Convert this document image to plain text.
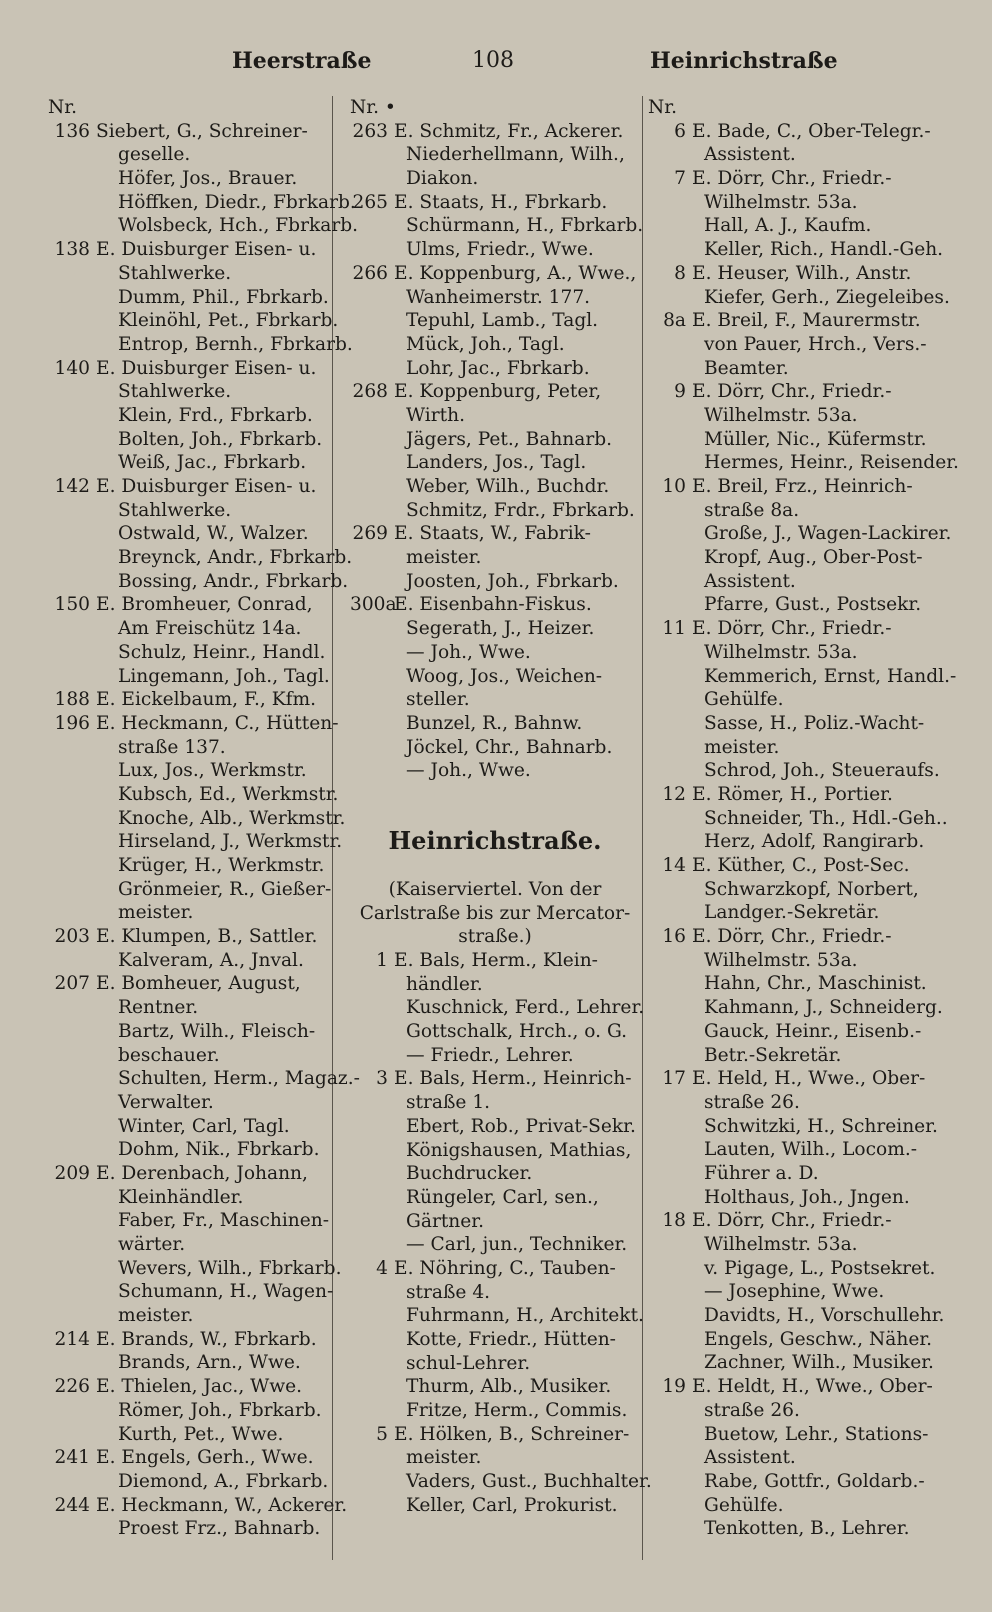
Heerstraße	108	Heinrichstraße
Nr.
136 Siebert, G., Schreiner-
geselle.
Höfer, Jos., Brauer.
Höffken, Diedr., Fbrkarb.
Wolsbeck, Hch., Fbrkarb.
138 E. Duisburger Eisen- u.
Stahlwerke.
Dumm, Phil., Fbrkarb.
Kleinöhl, Pet., Fbrkarb.
Entrop, Bernh., Fbrkarb.
140 E. Duisburger Eisen- u.
Stahlwerke.
Klein, Frd., Fbrkarb.
Bolten, Joh., Fbrkarb.
Weiß, Jac., Fbrkarb.
142 E. Duisburger Eisen- u.
Stahlwerke.
Ostwald, W., Walzer.
Breynck, Andr., Fbrkarb.
Bossing, Andr., Fbrkarb.
150 E. Bromheuer, Conrad,
Am Freischütz 14a.
Schulz, Heinr., Handl.
Lingemann, Joh., Tagl.
188 E. Eickelbaum, F., Kfm.
196 E. Heckmann, C., Hütten-
straße 137.
Lux, Jos., Werkmstr.
Kubsch, Ed., Werkmstr.
Knoche, Alb., Werkmstr.
Hirseland, J., Werkmstr.
Krüger, H., Werkmstr.
Grönmeier, R., Gießer-
meister.
203 E. Klumpen, B., Sattler.
Kalveram, A., Jnval.
207 E. Bomheuer, August,
Rentner.
Bartz, Wilh., Fleisch-
beschauer.
Schulten, Herm., Magaz.-
Verwalter.
Winter, Carl, Tagl.
Dohm, Nik., Fbrkarb.
209 E. Derenbach, Johann,
Kleinhändler.
Faber, Fr., Maschinen-
wärter.
Wevers, Wilh., Fbrkarb.
Schumann, H., Wagen-
meister.
214 E. Brands, W., Fbrkarb.
Brands, Arn., Wwe.
226 E. Thielen, Jac., Wwe.
Römer, Joh., Fbrkarb.
Kurth, Pet., Wwe.
241 E. Engels, Gerh., Wwe.
Diemond, A., Fbrkarb.
244 E. Heckmann, W., Ackerer.
Proest Frz., Bahnarb.
Nr. •
263 E. Schmitz, Fr., Ackerer.
Niederhellmann, Wilh.,
Diakon.
265 E. Staats, H., Fbrkarb.
Schürmann, H., Fbrkarb.
Ulms, Friedr., Wwe.
266 E. Koppenburg, A., Wwe.,
Wanheimerstr. 177.
Tepuhl, Lamb., Tagl.
Mück, Joh., Tagl.
Lohr, Jac., Fbrkarb.
268 E. Koppenburg, Peter,
Wirth.
Jägers, Pet., Bahnarb.
Landers, Jos., Tagl.
Weber, Wilh., Buchdr.
Schmitz, Frdr., Fbrkarb.
269 E. Staats, W., Fabrik-
meister.
Joosten, Joh., Fbrkarb.
300a
E. Eisenbahn-Fiskus.
Segerath, J., Heizer.
— Joh., Wwe.
Woog, Jos., Weichen-
steller.
Bunzel, R., Bahnw.
Jöckel, Chr., Bahnarb.
— Joh., Wwe.
Heinrichstraße.
(Kaiserviertel. Von der
Carlstraße bis zur Mercator-
straße.)
1 E. Bals, Herm., Klein-
händler.
Kuschnick, Ferd., Lehrer.
Gottschalk, Hrch., o. G.
— Friedr., Lehrer.
3 E. Bals, Herm., Heinrich-
straße 1.
Ebert, Rob., Privat-Sekr.
Königshausen, Mathias,
Buchdrucker.
Rüngeler, Carl, sen.,
Gärtner.
— Carl, jun., Techniker.
4 E. Nöhring, C., Tauben-
straße 4.
Fuhrmann, H., Architekt.
Kotte, Friedr., Hütten-
schul-Lehrer.
Thurm, Alb., Musiker.
Fritze, Herm., Commis.
5 E. Hölken, B., Schreiner-
meister.
Vaders, Gust., Buchhalter.
Keller, Carl, Prokurist.
Nr.
6 E. Bade, C., Ober-Telegr.-
Assistent.
7 E. Dörr, Chr., Friedr.-
Wilhelmstr. 53a.
Hall, A. J., Kaufm.
Keller, Rich., Handl.-Geh.
8 E. Heuser, Wilh., Anstr.
Kiefer, Gerh., Ziegeleibes.
8a E. Breil, F., Maurermstr.
von Pauer, Hrch., Vers.-
Beamter.
9 E. Dörr, Chr., Friedr.-
Wilhelmstr. 53a.
Müller, Nic., Küfermstr.
Hermes, Heinr., Reisender.
10 E. Breil, Frz., Heinrich-
straße 8a.
Große, J., Wagen-Lackirer.
Kropf, Aug., Ober-Post-
Assistent.
Pfarre, Gust., Postsekr.
11 E. Dörr, Chr., Friedr.-
Wilhelmstr. 53a.
Kemmerich, Ernst, Handl.-
Gehülfe.
Sasse, H., Poliz.-Wacht-
meister.
Schrod, Joh., Steueraufs.
12 E. Römer, H., Portier.
Schneider, Th., Hdl.-Geh..
Herz, Adolf, Rangirarb.
14 E. Küther, C., Post-Sec.
Schwarzkopf, Norbert,
Landger.-Sekretär.
16 E. Dörr, Chr., Friedr.-
Wilhelmstr. 53a.
Hahn, Chr., Maschinist.
Kahmann, J., Schneiderg.
Gauck, Heinr., Eisenb.-
Betr.-Sekretär.
17 E. Held, H., Wwe., Ober-
straße 26.
Schwitzki, H., Schreiner.
Lauten, Wilh., Locom.-
Führer a. D.
Holthaus, Joh., Jngen.
18 E. Dörr, Chr., Friedr.-
Wilhelmstr. 53a.
v. Pigage, L., Postsekret.
— Josephine, Wwe.
Davidts, H., Vorschullehr.
Engels, Geschw., Näher.
Zachner, Wilh., Musiker.
19 E. Heldt, H., Wwe., Ober-
straße 26.
Buetow, Lehr., Stations-
Assistent.
Rabe, Gottfr., Goldarb.-
Gehülfe.
Tenkotten, B., Lehrer.
